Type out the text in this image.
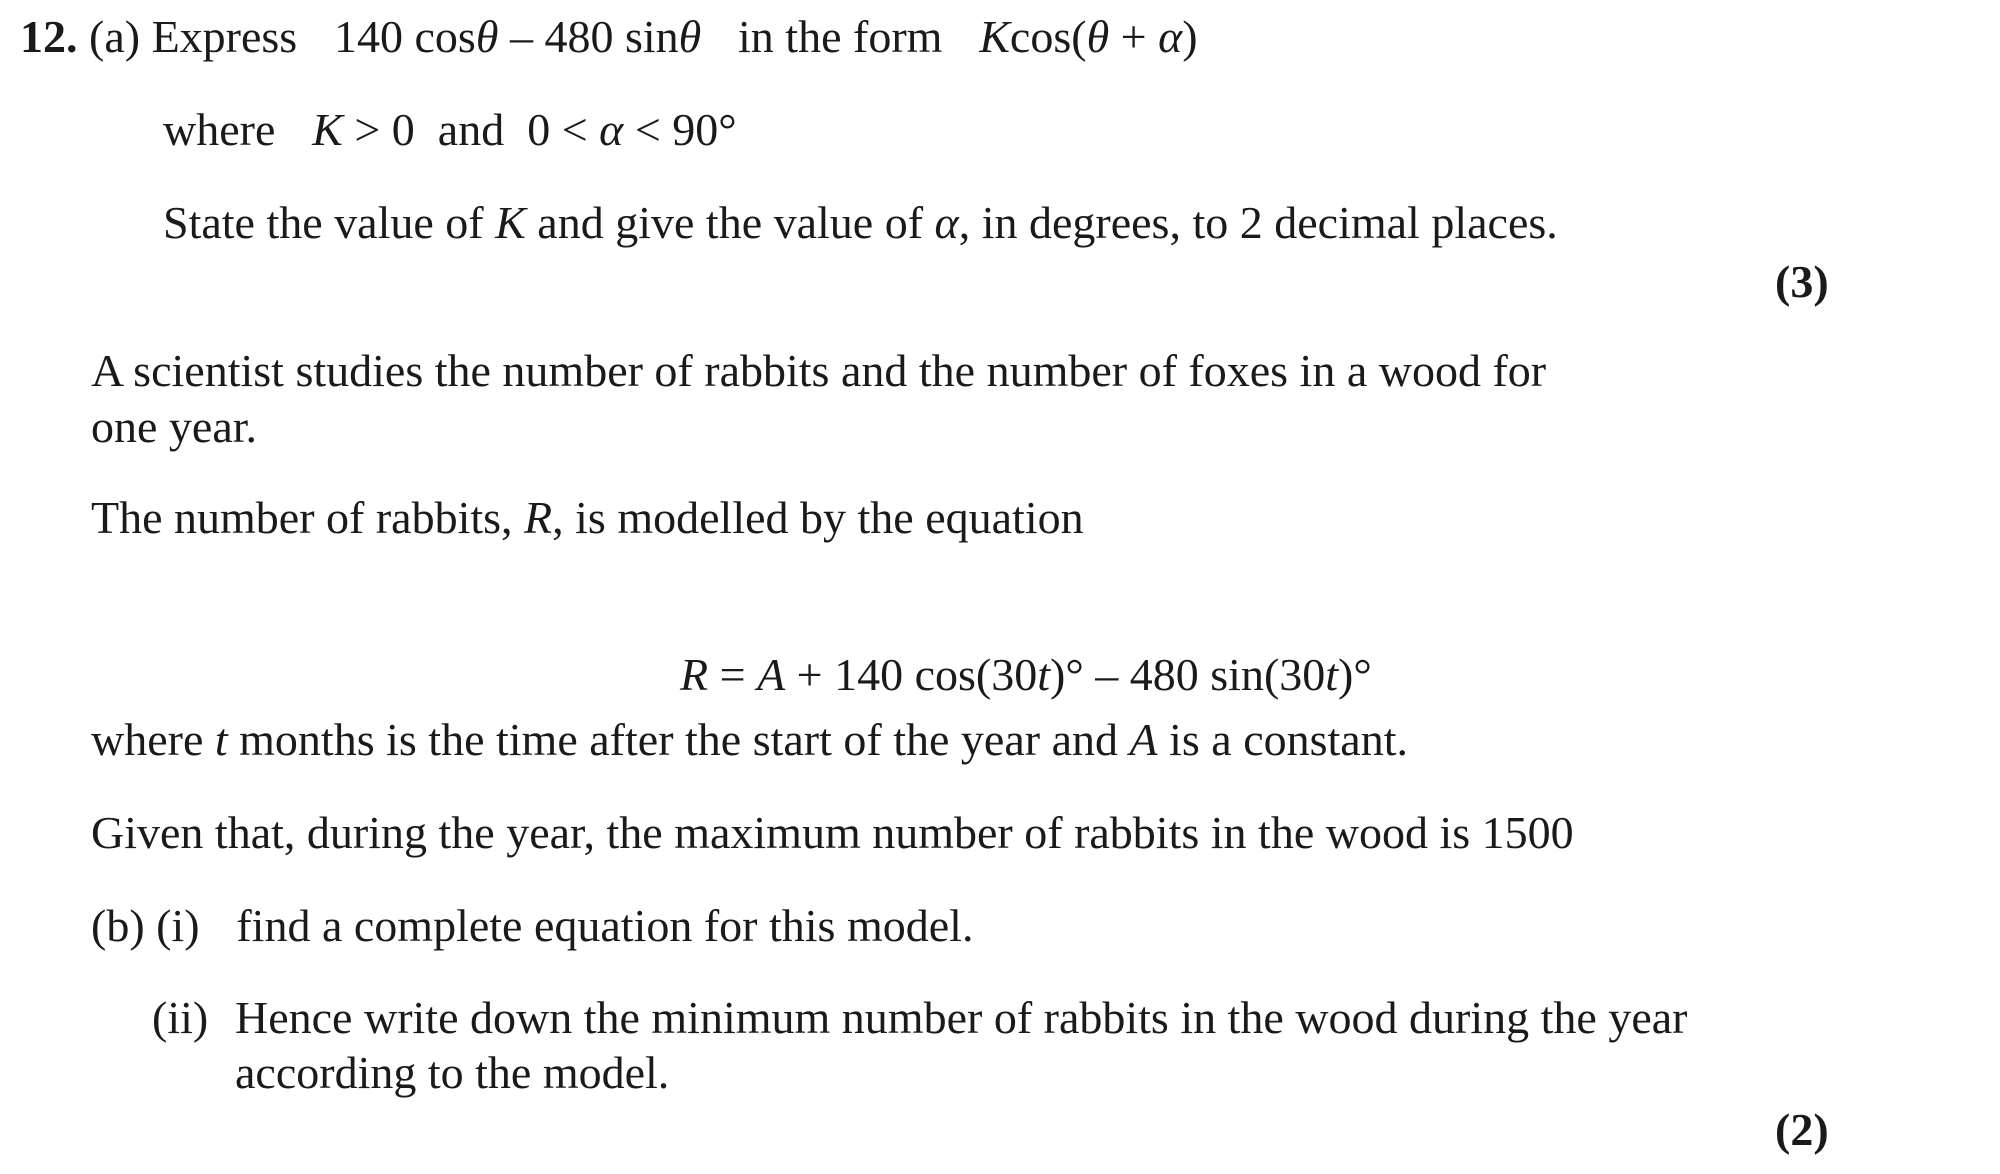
12. (a) Express 140 cosθ – 480 sinθ in the form Kcos(θ + α)
where K > 0  and  0 < α < 90°
State the value of K and give the value of α, in degrees, to 2 decimal places.
(3)
A scientist studies the number of rabbits and the number of foxes in a wood for
one year.
The number of rabbits, R, is modelled by the equation

R = A + 140 cos(30t)° – 480 sin(30t)°

where t months is the time after the start of the year and A is a constant.
Given that, during the year, the maximum number of rabbits in the wood is 1500
(b) (i) find a complete equation for this model.
(ii) Hence write down the minimum number of rabbits in the wood during the year
according to the model.
(2)
